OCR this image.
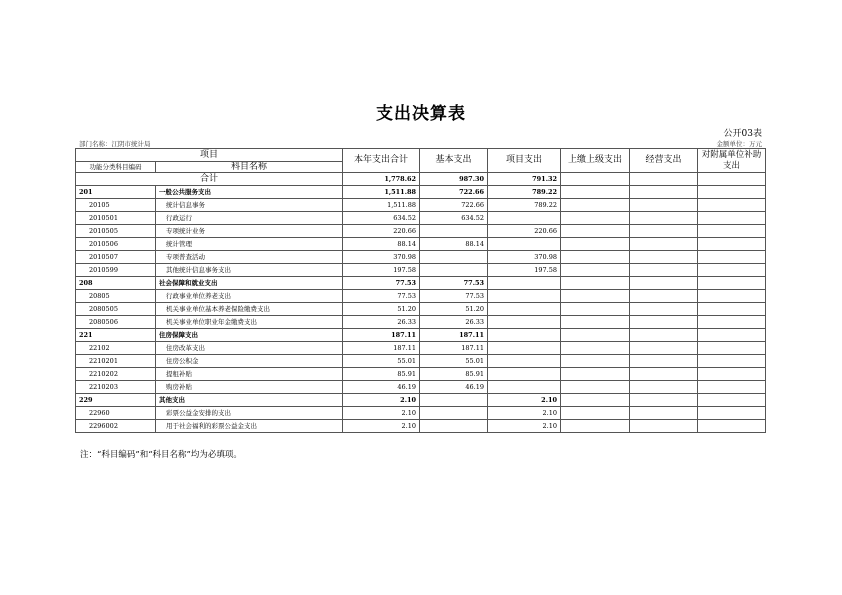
支出决算表
公开03表
部门名称：江阴市统计局	金额单位：万元
项目		本年支出合计	基本支出	项目支出	上缴上级支出	经营支出	对附属单位补助支出
功能分类科目编码	科目名称						
合计		1,778.62	987.30	791.32			
201	一般公共服务支出	1,511.88	722.66	789.22			
20105	统计信息事务	1,511.88	722.66	789.22			
2010501	行政运行	634.52	634.52				
2010505	专项统计业务	220.66		220.66			
2010506	统计管理	88.14	88.14				
2010507	专项普查活动	370.98		370.98			
2010599	其他统计信息事务支出	197.58		197.58			
208	社会保障和就业支出	77.53	77.53				
20805	行政事业单位养老支出	77.53	77.53				
2080505	机关事业单位基本养老保险缴费支出	51.20	51.20				
2080506	机关事业单位职业年金缴费支出	26.33	26.33				
221	住房保障支出	187.11	187.11				
22102	住房改革支出	187.11	187.11				
2210201	住房公积金	55.01	55.01				
2210202	提租补贴	85.91	85.91				
2210203	购房补贴	46.19	46.19				
229	其他支出	2.10		2.10			
22960	彩票公益金安排的支出	2.10		2.10			
2296002	用于社会福利的彩票公益金支出	2.10		2.10			
注：“科目编码”和“科目名称”均为必填项。
